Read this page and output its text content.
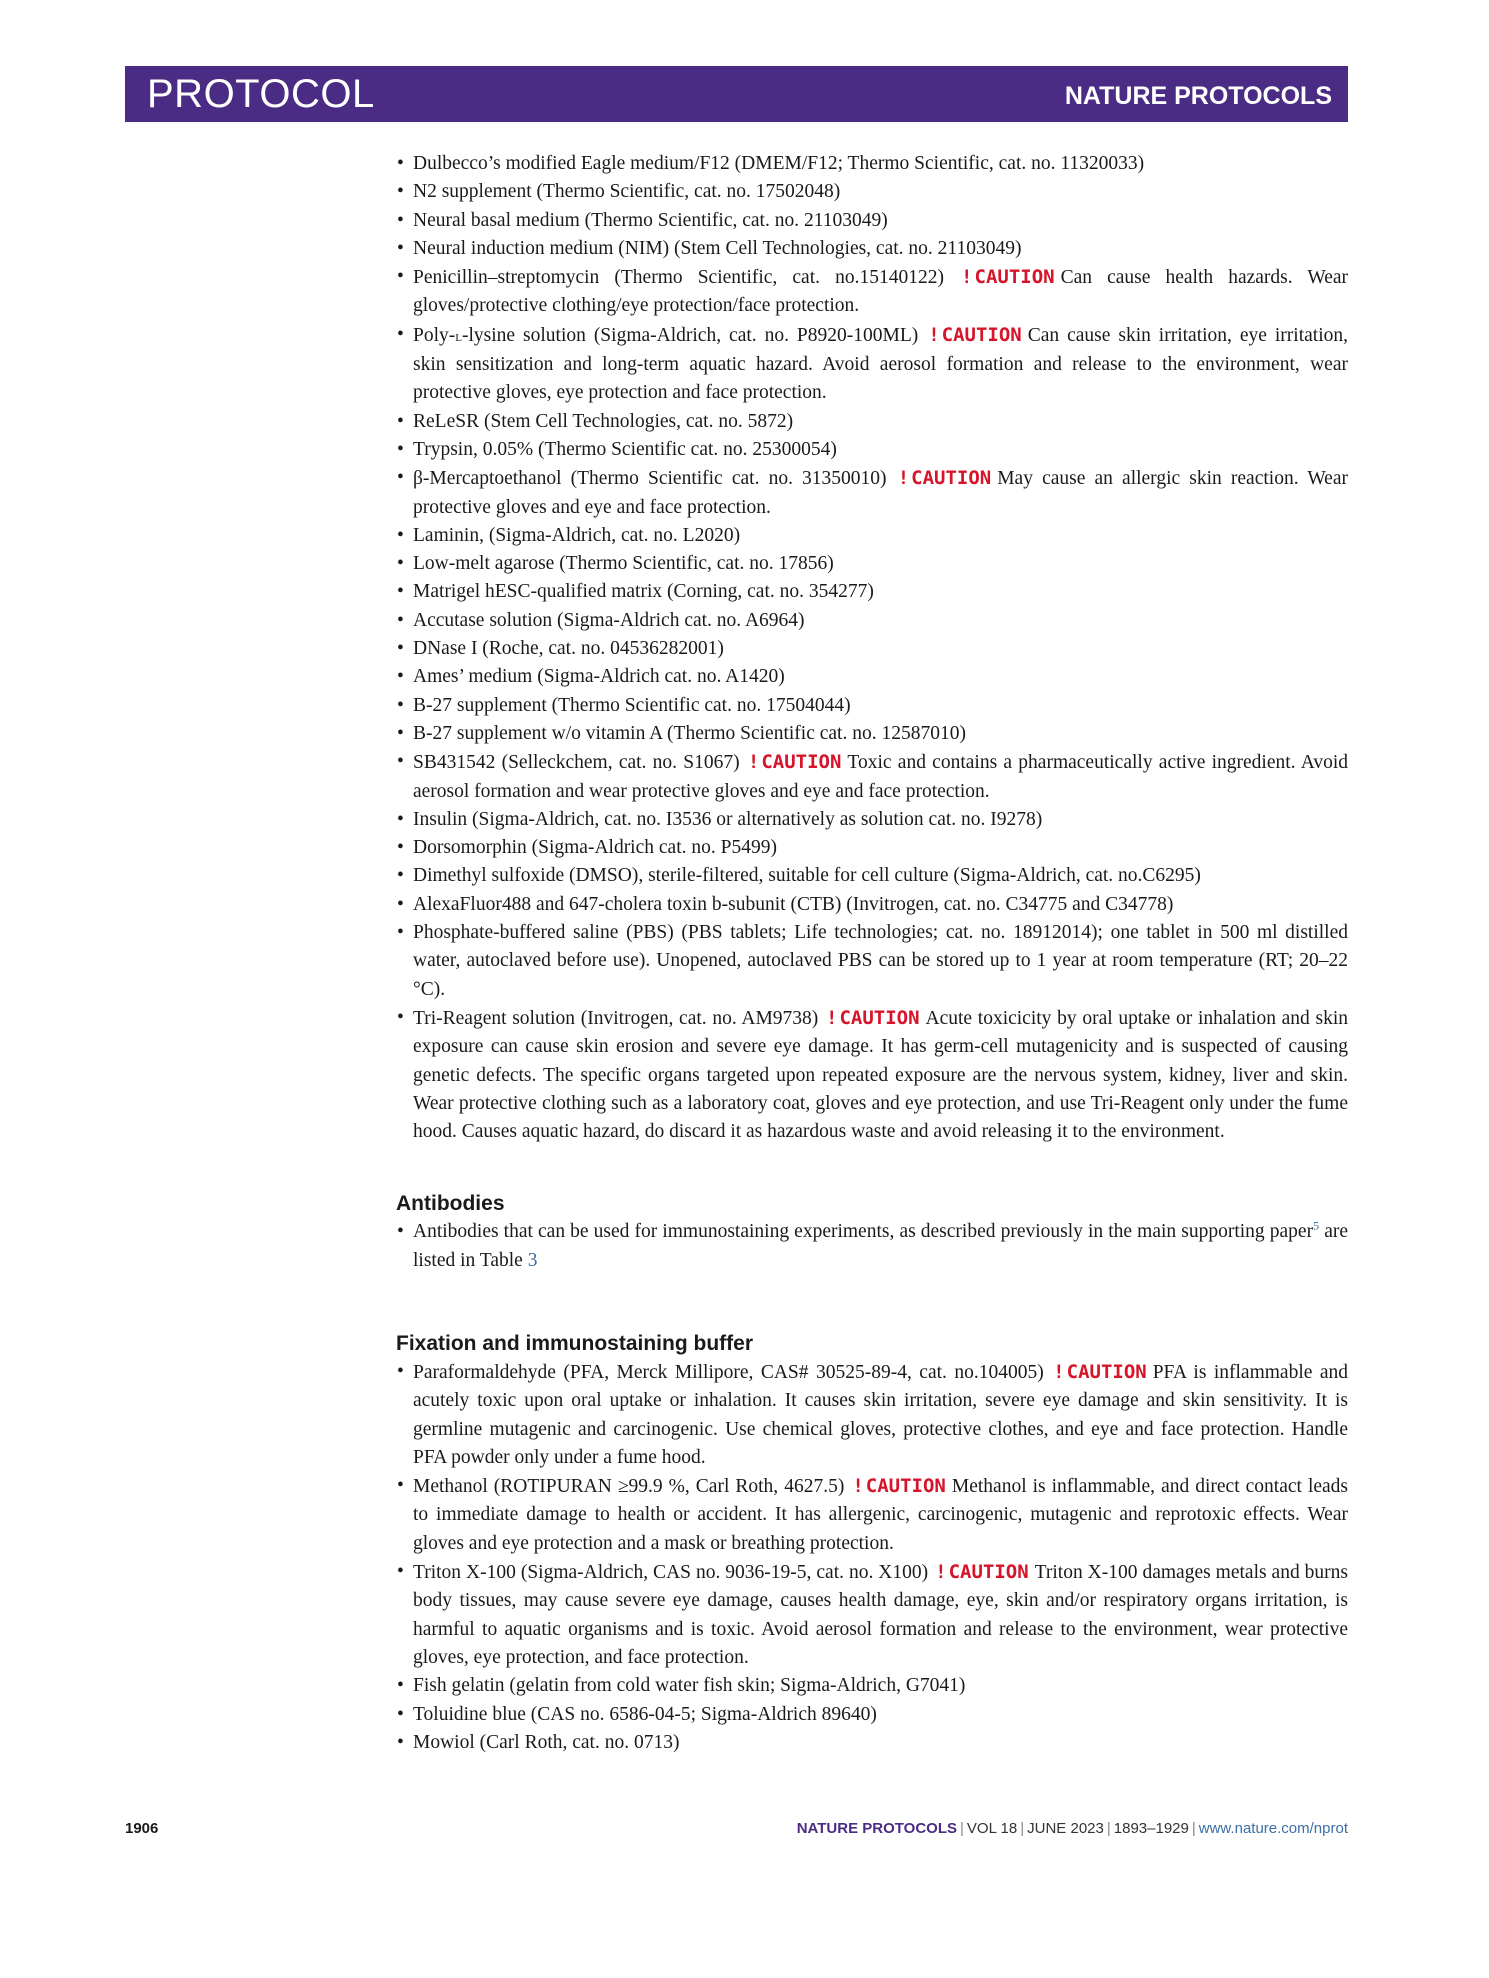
PROTOCOL	NATURE PROTOCOLS
• Dulbecco’s modified Eagle medium/F12 (DMEM/F12; Thermo Scientific, cat. no. 11320033)
• N2 supplement (Thermo Scientific, cat. no. 17502048)
• Neural basal medium (Thermo Scientific, cat. no. 21103049)
• Neural induction medium (NIM) (Stem Cell Technologies, cat. no. 21103049)
• Penicillin–streptomycin (Thermo Scientific, cat. no.15140122) ! CAUTION Can cause health hazards. Wear gloves/protective clothing/eye protection/face protection.
• Poly-l-lysine solution (Sigma-Aldrich, cat. no. P8920-100ML) ! CAUTION Can cause skin irritation, eye irritation, skin sensitization and long-term aquatic hazard. Avoid aerosol formation and release to the environment, wear protective gloves, eye protection and face protection.
• ReLeSR (Stem Cell Technologies, cat. no. 5872)
• Trypsin, 0.05% (Thermo Scientific cat. no. 25300054)
• β-Mercaptoethanol (Thermo Scientific cat. no. 31350010) ! CAUTION May cause an allergic skin reaction. Wear protective gloves and eye and face protection.
• Laminin, (Sigma-Aldrich, cat. no. L2020)
• Low-melt agarose (Thermo Scientific, cat. no. 17856)
• Matrigel hESC-qualified matrix (Corning, cat. no. 354277)
• Accutase solution (Sigma-Aldrich cat. no. A6964)
• DNase I (Roche, cat. no. 04536282001)
• Ames’ medium (Sigma-Aldrich cat. no. A1420)
• B-27 supplement (Thermo Scientific cat. no. 17504044)
• B-27 supplement w/o vitamin A (Thermo Scientific cat. no. 12587010)
• SB431542 (Selleckchem, cat. no. S1067) ! CAUTION Toxic and contains a pharmaceutically active ingredient. Avoid aerosol formation and wear protective gloves and eye and face protection.
• Insulin (Sigma-Aldrich, cat. no. I3536 or alternatively as solution cat. no. I9278)
• Dorsomorphin (Sigma-Aldrich cat. no. P5499)
• Dimethyl sulfoxide (DMSO), sterile-filtered, suitable for cell culture (Sigma-Aldrich, cat. no.C6295)
• AlexaFluor488 and 647-cholera toxin b-subunit (CTB) (Invitrogen, cat. no. C34775 and C34778)
• Phosphate-buffered saline (PBS) (PBS tablets; Life technologies; cat. no. 18912014); one tablet in 500 ml distilled water, autoclaved before use). Unopened, autoclaved PBS can be stored up to 1 year at room temperature (RT; 20–22 °C).
• Tri-Reagent solution (Invitrogen, cat. no. AM9738) ! CAUTION Acute toxicicity by oral uptake or inhalation and skin exposure can cause skin erosion and severe eye damage. It has germ-cell mutagenicity and is suspected of causing genetic defects. The specific organs targeted upon repeated exposure are the nervous system, kidney, liver and skin. Wear protective clothing such as a laboratory coat, gloves and eye protection, and use Tri-Reagent only under the fume hood. Causes aquatic hazard, do discard it as hazardous waste and avoid releasing it to the environment.
Antibodies
• Antibodies that can be used for immunostaining experiments, as described previously in the main supporting paper$^5$ are listed in Table 3
Fixation and immunostaining buffer
• Paraformaldehyde (PFA, Merck Millipore, CAS# 30525-89-4, cat. no.104005) ! CAUTION PFA is inflammable and acutely toxic upon oral uptake or inhalation. It causes skin irritation, severe eye damage and skin sensitivity. It is germline mutagenic and carcinogenic. Use chemical gloves, protective clothes, and eye and face protection. Handle PFA powder only under a fume hood.
• Methanol (ROTIPURAN ≥99.9 %, Carl Roth, 4627.5) ! CAUTION Methanol is inflammable, and direct contact leads to immediate damage to health or accident. It has allergenic, carcinogenic, mutagenic and reprotoxic effects. Wear gloves and eye protection and a mask or breathing protection.
• Triton X-100 (Sigma-Aldrich, CAS no. 9036-19-5, cat. no. X100) ! CAUTION Triton X-100 damages metals and burns body tissues, may cause severe eye damage, causes health damage, eye, skin and/or respiratory organs irritation, is harmful to aquatic organisms and is toxic. Avoid aerosol formation and release to the environment, wear protective gloves, eye protection, and face protection.
• Fish gelatin (gelatin from cold water fish skin; Sigma-Aldrich, G7041)
• Toluidine blue (CAS no. 6586-04-5; Sigma-Aldrich 89640)
• Mowiol (Carl Roth, cat. no. 0713)
1906	NATURE PROTOCOLS | VOL 18 | JUNE 2023 | 1893–1929 | www.nature.com/nprot
